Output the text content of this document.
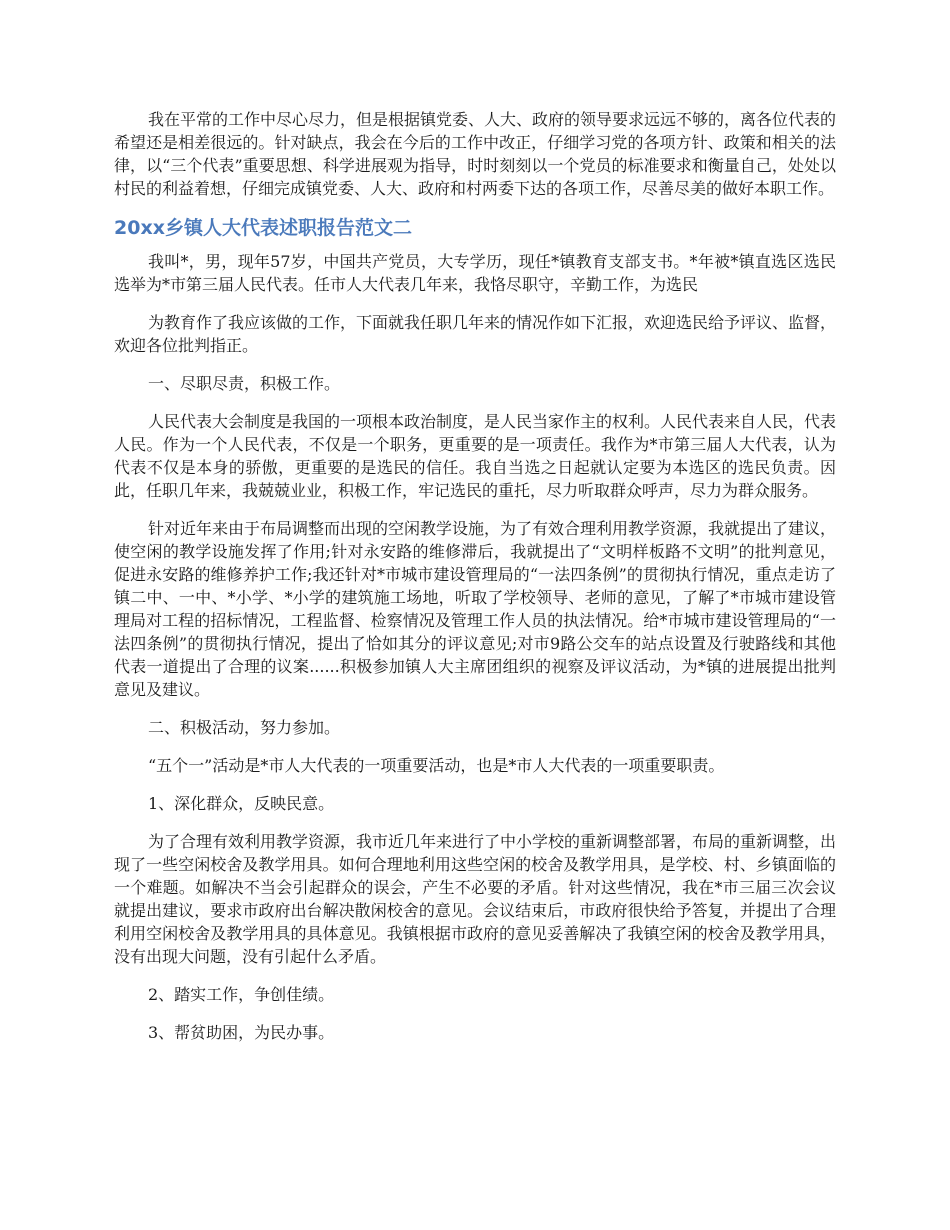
我在平常的工作中尽心尽力，但是根据镇党委、人大、政府的领导要求远远不够的，离各位代表的希望还是相差很远的。针对缺点，我会在今后的工作中改正，仔细学习党的各项方针、政策和相关的法律，以“三个代表”重要思想、科学进展观为指导，时时刻刻以一个党员的标准要求和衡量自己，处处以村民的利益着想，仔细完成镇党委、人大、政府和村两委下达的各项工作，尽善尽美的做好本职工作。

20xx乡镇人大代表述职报告范文二

我叫*，男，现年57岁，中国共产党员，大专学历，现任*镇教育支部支书。*年被*镇直选区选民选举为*市第三届人民代表。任市人大代表几年来，我恪尽职守，辛勤工作，为选民

为教育作了我应该做的工作，下面就我任职几年来的情况作如下汇报，欢迎选民给予评议、监督，欢迎各位批判指正。

一、尽职尽责，积极工作。

人民代表大会制度是我国的一项根本政治制度，是人民当家作主的权利。人民代表来自人民，代表人民。作为一个人民代表，不仅是一个职务，更重要的是一项责任。我作为*市第三届人大代表，认为代表不仅是本身的骄傲，更重要的是选民的信任。我自当选之日起就认定要为本选区的选民负责。因此，任职几年来，我兢兢业业，积极工作，牢记选民的重托，尽力听取群众呼声，尽力为群众服务。

针对近年来由于布局调整而出现的空闲教学设施，为了有效合理利用教学资源，我就提出了建议，使空闲的教学设施发挥了作用;针对永安路的维修滞后，我就提出了“文明样板路不文明”的批判意见，促进永安路的维修养护工作;我还针对*市城市建设管理局的“一法四条例”的贯彻执行情况，重点走访了镇二中、一中、*小学、*小学的建筑施工场地，听取了学校领导、老师的意见，了解了*市城市建设管理局对工程的招标情况，工程监督、检察情况及管理工作人员的执法情况。给*市城市建设管理局的“一法四条例”的贯彻执行情况，提出了恰如其分的评议意见;对市9路公交车的站点设置及行驶路线和其他代表一道提出了合理的议案......积极参加镇人大主席团组织的视察及评议活动，为*镇的进展提出批判意见及建议。

二、积极活动，努力参加。

“五个一”活动是*市人大代表的一项重要活动，也是*市人大代表的一项重要职责。

1、深化群众，反映民意。

为了合理有效利用教学资源，我市近几年来进行了中小学校的重新调整部署，布局的重新调整，出现了一些空闲校舍及教学用具。如何合理地利用这些空闲的校舍及教学用具，是学校、村、乡镇面临的一个难题。如解决不当会引起群众的误会，产生不必要的矛盾。针对这些情况，我在*市三届三次会议就提出建议，要求市政府出台解决散闲校舍的意见。会议结束后，市政府很快给予答复，并提出了合理利用空闲校舍及教学用具的具体意见。我镇根据市政府的意见妥善解决了我镇空闲的校舍及教学用具，没有出现大问题，没有引起什么矛盾。

2、踏实工作，争创佳绩。

3、帮贫助困，为民办事。
